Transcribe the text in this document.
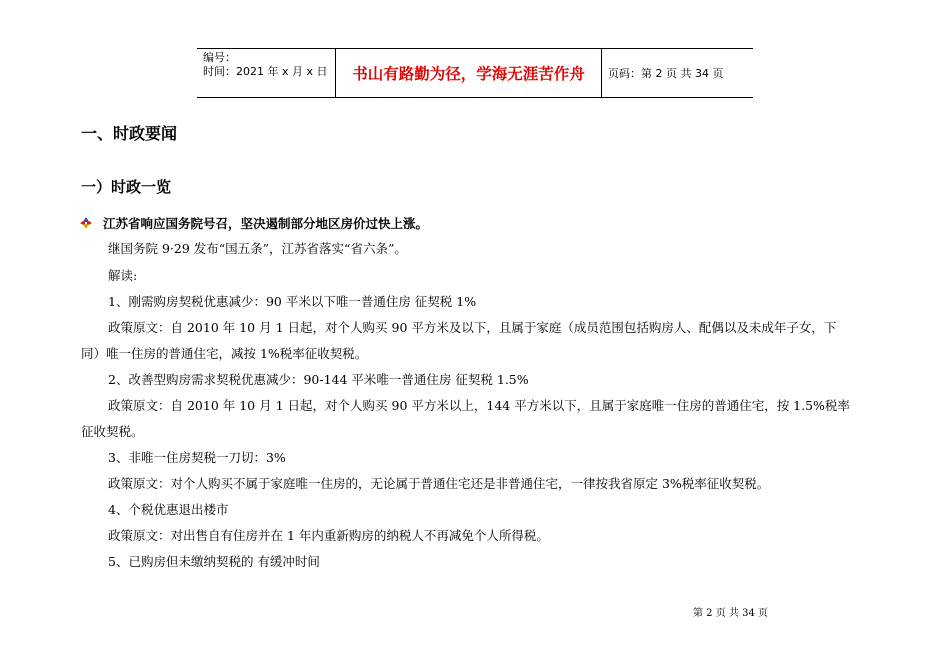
编号：
时间：2021 年 x 月 x 日	书山有路勤为径，学海无涯苦作舟	页码：第 2 页 共 34 页
一、时政要闻
一）时政一览
江苏省响应国务院号召，坚决遏制部分地区房价过快上涨。
继国务院 9·29 发布“国五条”，江苏省落实“省六条”。
解读:
1、刚需购房契税优惠减少：90 平米以下唯一普通住房 征契税 1%
政策原文：自 2010 年 10 月 1 日起，对个人购买 90 平方米及以下，且属于家庭（成员范围包括购房人、配偶以及未成年子女，下
同）唯一住房的普通住宅，减按 1%税率征收契税。
2、改善型购房需求契税优惠减少：90-144 平米唯一普通住房 征契税 1.5%
政策原文：自 2010 年 10 月 1 日起，对个人购买 90 平方米以上，144 平方米以下，且属于家庭唯一住房的普通住宅，按 1.5%税率
征收契税。
3、非唯一住房契税一刀切：3%
政策原文：对个人购买不属于家庭唯一住房的，无论属于普通住宅还是非普通住宅，一律按我省原定 3%税率征收契税。
4、个税优惠退出楼市
政策原文：对出售自有住房并在 1 年内重新购房的纳税人不再减免个人所得税。
5、已购房但未缴纳契税的 有缓冲时间
第 2 页 共 34 页
